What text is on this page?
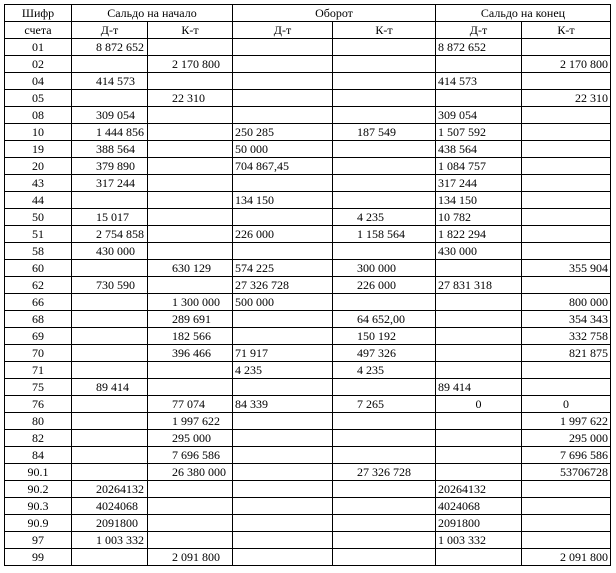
Шифр	Сальдо на начало		Оборот		Сальдо на конец	
счета	Д-т	К-т	Д-т	К-т	Д-т	К-т
01	8 872 652				8 872 652	
02		2 170 800				2 170 800
04	414 573				414 573	
05		22 310				22 310
08	309 054				309 054	
10	1 444 856		250 285	187 549	1 507 592	
19	388 564		50 000		438 564	
20	379 890		704 867,45		1 084 757	
43	317 244				317 244	
44			134 150		134 150	
50	15 017			4 235	10 782	
51	2 754 858		226 000	1 158 564	1 822 294	
58	430 000				430 000	
60		630 129	574 225	300 000		355 904
62	730 590		27 326 728	226 000	27 831 318	
66		1 300 000	500 000			800 000
68		289 691		64 652,00		354 343
69		182 566		150 192		332 758
70		396 466	71 917	497 326		821 875
71			4 235	4 235		
75	89 414				89 414	
76		77 074	84 339	7 265	0	0
80		1 997 622				1 997 622
82		295 000				295 000
84		7 696 586				7 696 586
90.1		26 380 000		27 326 728		53706728
90.2	20264132				20264132	
90.3	4024068				4024068	
90.9	2091800				2091800	
97	1 003 332				1 003 332	
99		2 091 800				2 091 800
